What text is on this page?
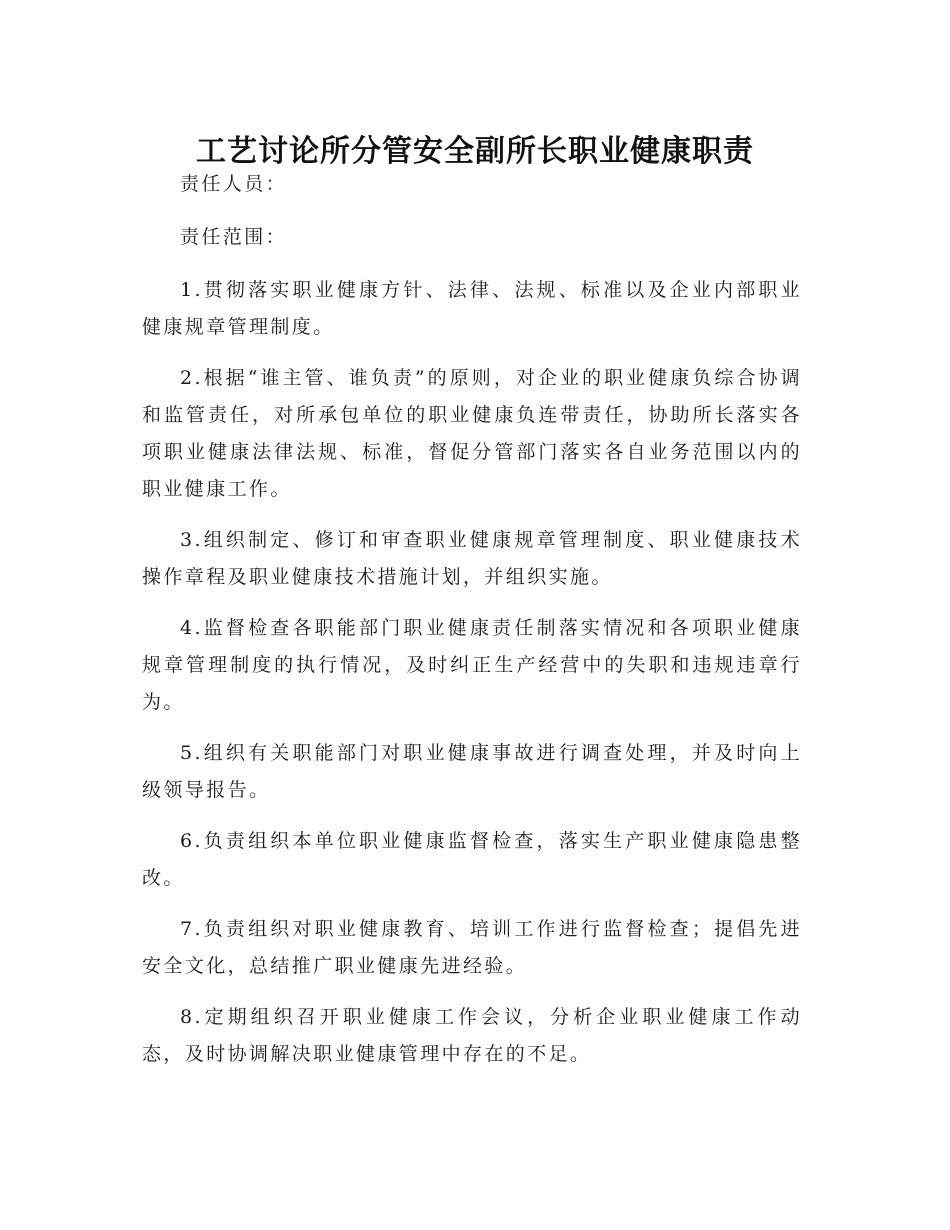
工艺讨论所分管安全副所长职业健康职责

责任人员：

责任范围：

1.贯彻落实职业健康方针、法律、法规、标准以及企业内部职业健康规章管理制度。

2.根据“谁主管、谁负责”的原则，对企业的职业健康负综合协调和监管责任，对所承包单位的职业健康负连带责任，协助所长落实各项职业健康法律法规、标准，督促分管部门落实各自业务范围以内的职业健康工作。

3.组织制定、修订和审查职业健康规章管理制度、职业健康技术操作章程及职业健康技术措施计划，并组织实施。

4.监督检查各职能部门职业健康责任制落实情况和各项职业健康规章管理制度的执行情况，及时纠正生产经营中的失职和违规违章行为。

5.组织有关职能部门对职业健康事故进行调查处理，并及时向上级领导报告。

6.负责组织本单位职业健康监督检查，落实生产职业健康隐患整改。

7.负责组织对职业健康教育、培训工作进行监督检查；提倡先进安全文化，总结推广职业健康先进经验。

8.定期组织召开职业健康工作会议，分析企业职业健康工作动态，及时协调解决职业健康管理中存在的不足。
